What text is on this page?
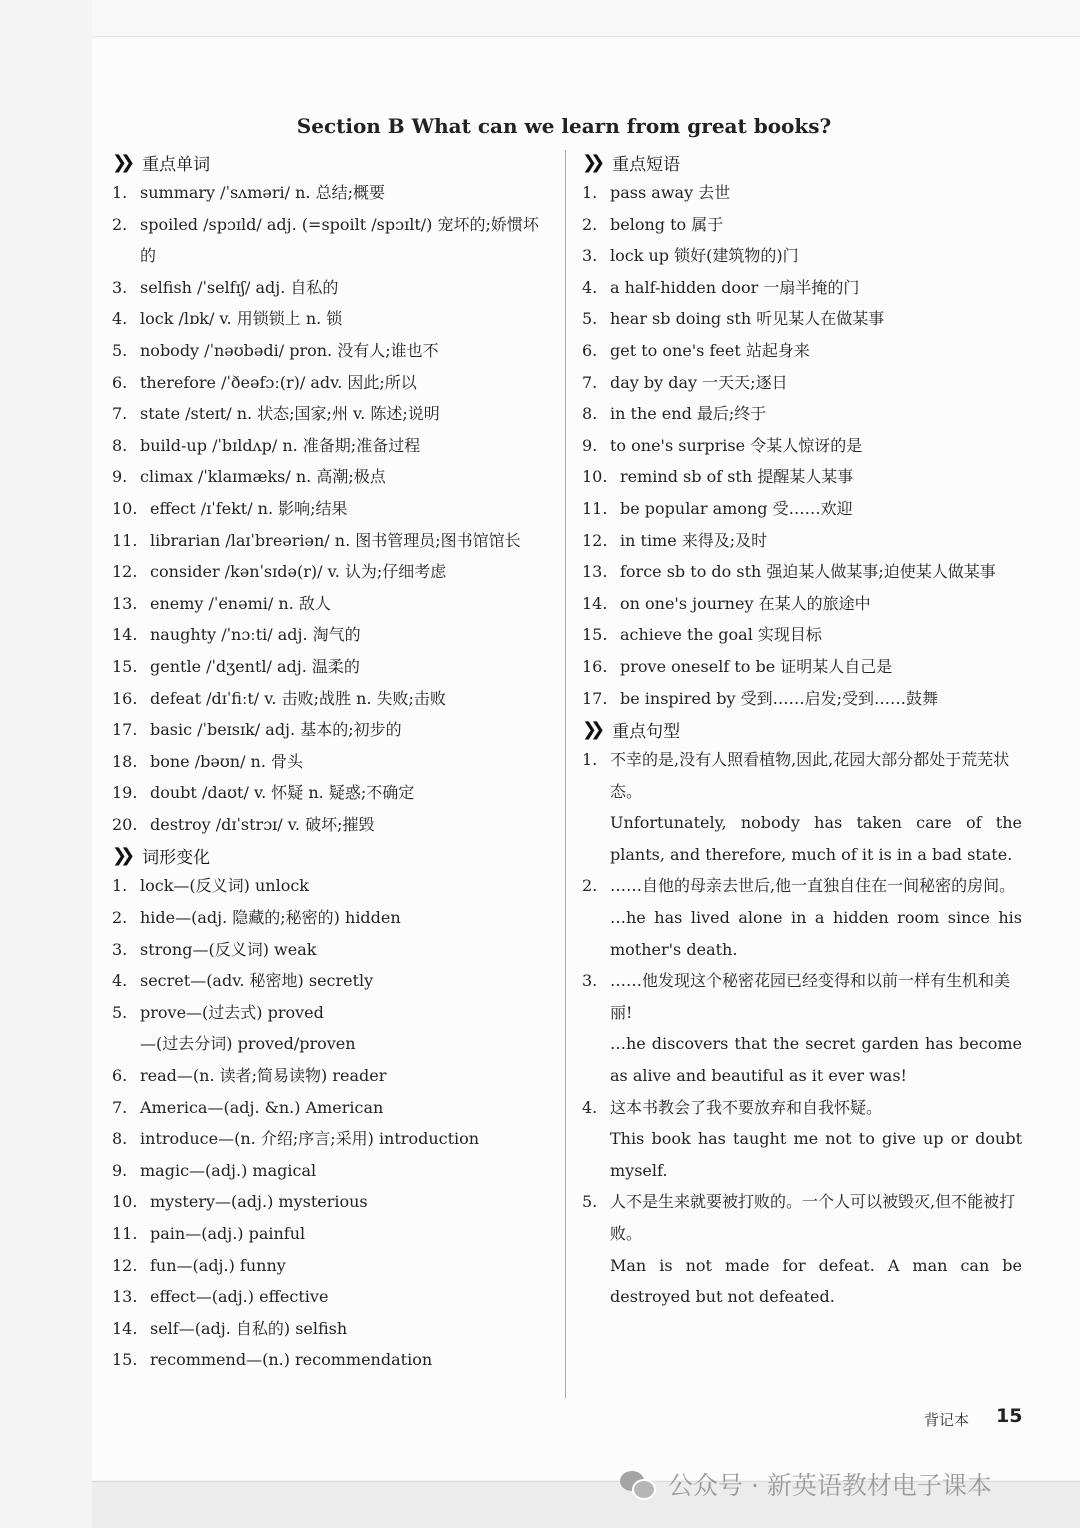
Section B What can we learn from great books?
❯❯ 重点单词
1. summary /ˈsʌməri/ n. 总结;概要
2. spoiled /spɔɪld/ adj. (=spoilt /spɔɪlt/) 宠坏的;娇惯坏的
3. selfish /ˈselfɪʃ/ adj. 自私的
4. lock /lɒk/ v. 用锁锁上 n. 锁
5. nobody /ˈnəʊbədi/ pron. 没有人;谁也不
6. therefore /ˈðeəfɔː(r)/ adv. 因此;所以
7. state /steɪt/ n. 状态;国家;州 v. 陈述;说明
8. build-up /ˈbɪldʌp/ n. 准备期;准备过程
9. climax /ˈklaɪmæks/ n. 高潮;极点
10. effect /ɪˈfekt/ n. 影响;结果
11. librarian /laɪˈbreəriən/ n. 图书管理员;图书馆馆长
12. consider /kənˈsɪdə(r)/ v. 认为;仔细考虑
13. enemy /ˈenəmi/ n. 敌人
14. naughty /ˈnɔːti/ adj. 淘气的
15. gentle /ˈdʒentl/ adj. 温柔的
16. defeat /dɪˈfiːt/ v. 击败;战胜 n. 失败;击败
17. basic /ˈbeɪsɪk/ adj. 基本的;初步的
18. bone /bəʊn/ n. 骨头
19. doubt /daʊt/ v. 怀疑 n. 疑惑;不确定
20. destroy /dɪˈstrɔɪ/ v. 破坏;摧毁
❯❯ 词形变化
1. lock—(反义词) unlock
2. hide—(adj. 隐藏的;秘密的) hidden
3. strong—(反义词) weak
4. secret—(adv. 秘密地) secretly
5. prove—(过去式) proved
—(过去分词) proved/proven
6. read—(n. 读者;简易读物) reader
7. America—(adj. &n.) American
8. introduce—(n. 介绍;序言;采用) introduction
9. magic—(adj.) magical
10. mystery—(adj.) mysterious
11. pain—(adj.) painful
12. fun—(adj.) funny
13. effect—(adj.) effective
14. self—(adj. 自私的) selfish
15. recommend—(n.) recommendation
❯❯ 重点短语
1. pass away 去世
2. belong to 属于
3. lock up 锁好(建筑物的)门
4. a half-hidden door 一扇半掩的门
5. hear sb doing sth 听见某人在做某事
6. get to one's feet 站起身来
7. day by day 一天天;逐日
8. in the end 最后;终于
9. to one's surprise 令某人惊讶的是
10. remind sb of sth 提醒某人某事
11. be popular among 受……欢迎
12. in time 来得及;及时
13. force sb to do sth 强迫某人做某事;迫使某人做某事
14. on one's journey 在某人的旅途中
15. achieve the goal 实现目标
16. prove oneself to be 证明某人自己是
17. be inspired by 受到……启发;受到……鼓舞
❯❯ 重点句型
1. 不幸的是,没有人照看植物,因此,花园大部分都处于荒芜状态。
Unfortunately, nobody has taken care of the plants, and therefore, much of it is in a bad state.
2. ……自他的母亲去世后,他一直独自住在一间秘密的房间。
…he has lived alone in a hidden room since his mother's death.
3. ……他发现这个秘密花园已经变得和以前一样有生机和美丽!
…he discovers that the secret garden has become as alive and beautiful as it ever was!
4. 这本书教会了我不要放弃和自我怀疑。
This book has taught me not to give up or doubt myself.
5. 人不是生来就要被打败的。一个人可以被毁灭,但不能被打败。
Man is not made for defeat. A man can be destroyed but not defeated.
背记本 15
公众号 · 新英语教材电子课本
